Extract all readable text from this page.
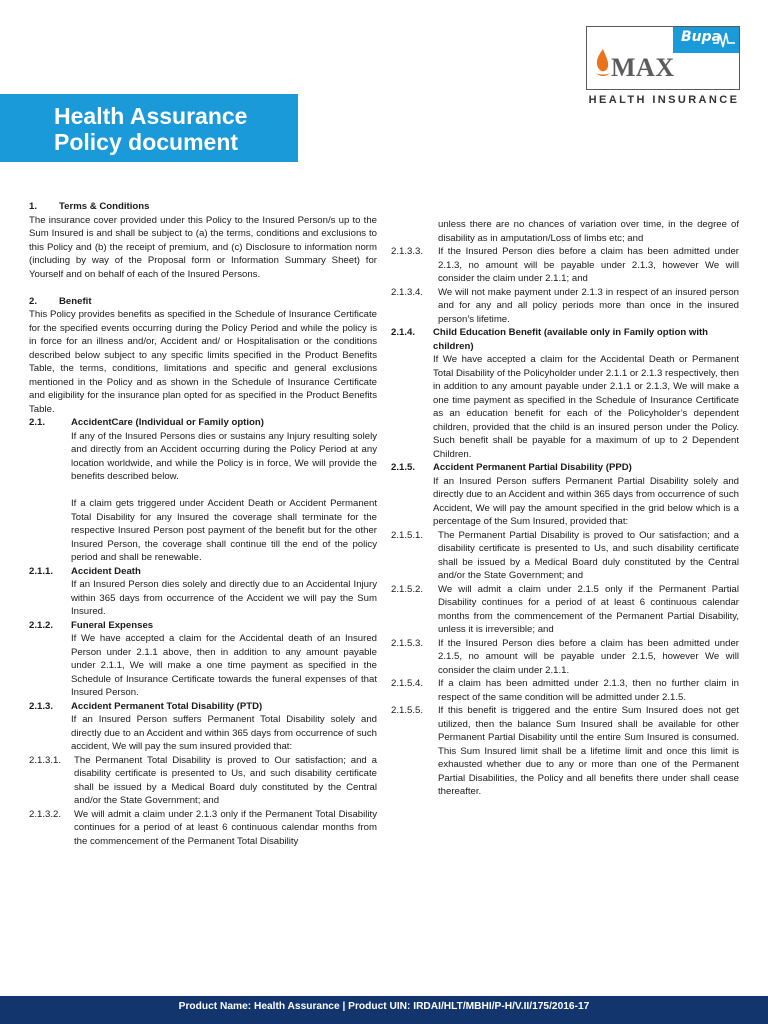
Health Assurance
Policy document
Bupa
MAX
HEALTH INSURANCE
1.	Terms & Conditions

The insurance cover provided under this Policy to the Insured Person/s up to the Sum Insured is and shall be subject to (a) the terms, conditions and exclusions to this Policy and (b) the receipt of premium, and (c) Disclosure to information norm (including by way of the Proposal form or Information Summary Sheet) for Yourself and on behalf of each of the Insured Persons.

2.	Benefit

This Policy provides benefits as specified in the Schedule of Insurance Certificate for the specified events occurring during the Policy Period and while the policy is in force for an illness and/or, Accident and/ or Hospitalisation or the conditions described below subject to any specific limits specified in the Product Benefits Table, the terms, conditions, limitations and specific and general exclusions mentioned in the Policy and as shown in the Schedule of Insurance Certificate and eligibility for the insurance plan opted for as specified in the Product Benefits Table.

2.1.	AccidentCare (Individual or Family option)

If any of the Insured Persons dies or sustains any Injury resulting solely and directly from an Accident occurring during the Policy Period at any location worldwide, and while the Policy is in force, We will provide the benefits described below.

If a claim gets triggered under Accident Death or Accident Permanent Total Disability for any Insured the coverage shall terminate for the respective Insured Person post payment of the benefit but for the other Insured Person, the coverage shall continue till the end of the policy period and shall be renewable.

2.1.1.	Accident Death

If an Insured Person dies solely and directly due to an Accidental Injury within 365 days from occurrence of the Accident we will pay the Sum Insured.

2.1.2.	Funeral Expenses

If We have accepted a claim for the Accidental death of an Insured Person under 2.1.1 above, then in addition to any amount payable under 2.1.1, We will make a one time payment as specified in the Schedule of Insurance Certificate towards the funeral expenses of that Insured Person.

2.1.3.	Accident Permanent Total Disability (PTD)

If an Insured Person suffers Permanent Total Disability solely and directly due to an Accident and within 365 days from occurrence of such accident, We will pay the sum insured provided that:

2.1.3.1.	The Permanent Total Disability is proved to Our satisfaction; and a disability certificate is presented to Us, and such disability certificate shall be issued by a Medical Board duly constituted by the Central and/or the State Government; and

2.1.3.2.	We will admit a claim under 2.1.3 only if the Permanent Total Disability continues for a period of at least 6 continuous calendar months from the commencement of the Permanent Total Disability

unless there are no chances of variation over time, in the degree of disability as in amputation/Loss of limbs etc; and

2.1.3.3.	If the Insured Person dies before a claim has been admitted under 2.1.3, no amount will be payable under 2.1.3, however We will consider the claim under 2.1.1; and

2.1.3.4.	We will not make payment under 2.1.3 in respect of an insured person and for any and all policy periods more than once in the insured person’s lifetime.

2.1.4.	Child Education Benefit (available only in Family option with children)

If We have accepted a claim for the Accidental Death or Permanent Total Disability of the Policyholder under 2.1.1 or 2.1.3 respectively, then in addition to any amount payable under 2.1.1 or 2.1.3, We will make a one time payment as specified in the Schedule of Insurance Certificate as an education benefit for each of the Policyholder’s dependent children, provided that the child is an insured person under the Policy. Such benefit shall be payable for a maximum of up to 2 Dependent Children.

2.1.5.	Accident Permanent Partial Disability (PPD)

If an Insured Person suffers Permanent Partial Disability solely and directly due to an Accident and within 365 days from occurrence of such Accident, We will pay the amount specified in the grid below which is a percentage of the Sum Insured, provided that:

2.1.5.1.	The Permanent Partial Disability is proved to Our satisfaction; and a disability certificate is presented to Us, and such disability certificate shall be issued by a Medical Board duly constituted by the Central and/or the State Government; and

2.1.5.2.	We will admit a claim under 2.1.5 only if the Permanent Partial Disability continues for a period of at least 6 continuous calendar months from the commencement of the Permanent Partial Disability, unless it is irreversible; and

2.1.5.3.	If the Insured Person dies before a claim has been admitted under 2.1.5, no amount will be payable under 2.1.5, however We will consider the claim under 2.1.1.

2.1.5.4.	If a claim has been admitted under 2.1.3, then no further claim in respect of the same condition will be admitted under 2.1.5.

2.1.5.5.	If this benefit is triggered and the entire Sum Insured does not get utilized, then the balance Sum Insured shall be available for other Permanent Partial Disability until the entire Sum Insured is consumed. This Sum Insured limit shall be a lifetime limit and once this limit is exhausted whether due to any or more than one of the Permanent Partial Disabilities, the Policy and all benefits there under shall cease thereafter.

Product Name: Health Assurance | Product UIN: IRDAI/HLT/MBHI/P-H/V.II/175/2016-17
